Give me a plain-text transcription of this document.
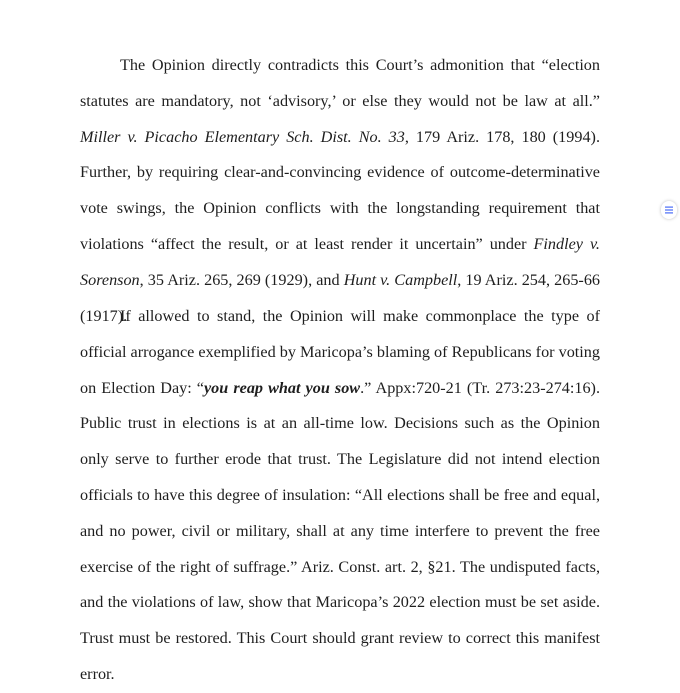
The Opinion directly contradicts this Court’s admonition that “election statutes are mandatory, not ‘advisory,’ or else they would not be law at all.” Miller v. Picacho Elementary Sch. Dist. No. 33, 179 Ariz. 178, 180 (1994). Further, by requiring clear-and-convincing evidence of outcome-determinative vote swings, the Opinion conflicts with the longstanding requirement that violations “affect the result, or at least render it uncertain” under Findley v. Sorenson, 35 Ariz. 265, 269 (1929), and Hunt v. Campbell, 19 Ariz. 254, 265-66 (1917).

If allowed to stand, the Opinion will make commonplace the type of official arrogance exemplified by Maricopa’s blaming of Republicans for voting on Election Day: “you reap what you sow.” Appx:720-21 (Tr. 273:23-274:16). Public trust in elections is at an all-time low. Decisions such as the Opinion only serve to further erode that trust. The Legislature did not intend election officials to have this degree of insulation: “All elections shall be free and equal, and no power, civil or military, shall at any time interfere to prevent the free exercise of the right of suffrage.” Ariz. Const. art. 2, §21. The undisputed facts, and the violations of law, show that Maricopa’s 2022 election must be set aside. Trust must be restored. This Court should grant review to correct this manifest error.
